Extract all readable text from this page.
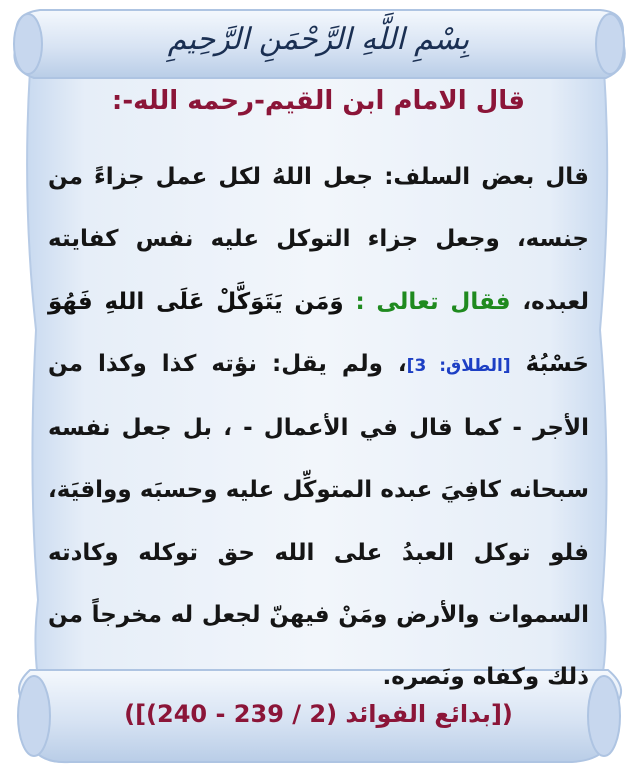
بِسْمِ اللَّهِ الرَّحْمَنِ الرَّحِيمِ
قال الامام ابن القيم-رحمه الله-:
قال بعض السلف: جعل اللهُ لكل عمل جزاءً من جنسه، وجعل جزاء التوكل عليه نفس كفايته لعبده، فقال تعالى : وَمَن يَتَوَكَّلْ عَلَى اللهِ فَهُوَ حَسْبُهُ [الطلاق: 3]، ولم يقل: نؤته كذا وكذا من الأجر - كما قال في الأعمال - ، بل جعل نفسه سبحانه كافِيَ عبده المتوكِّل عليه وحسبَه وواقيَة، فلو توكل العبدُ على الله حق توكله وكادته السموات والأرض ومَنْ فيهنّ لجعل له مخرجاً من ذلك وكفاه ونَصره.
([بدائع الفوائد (2 / 239 - 240)])
